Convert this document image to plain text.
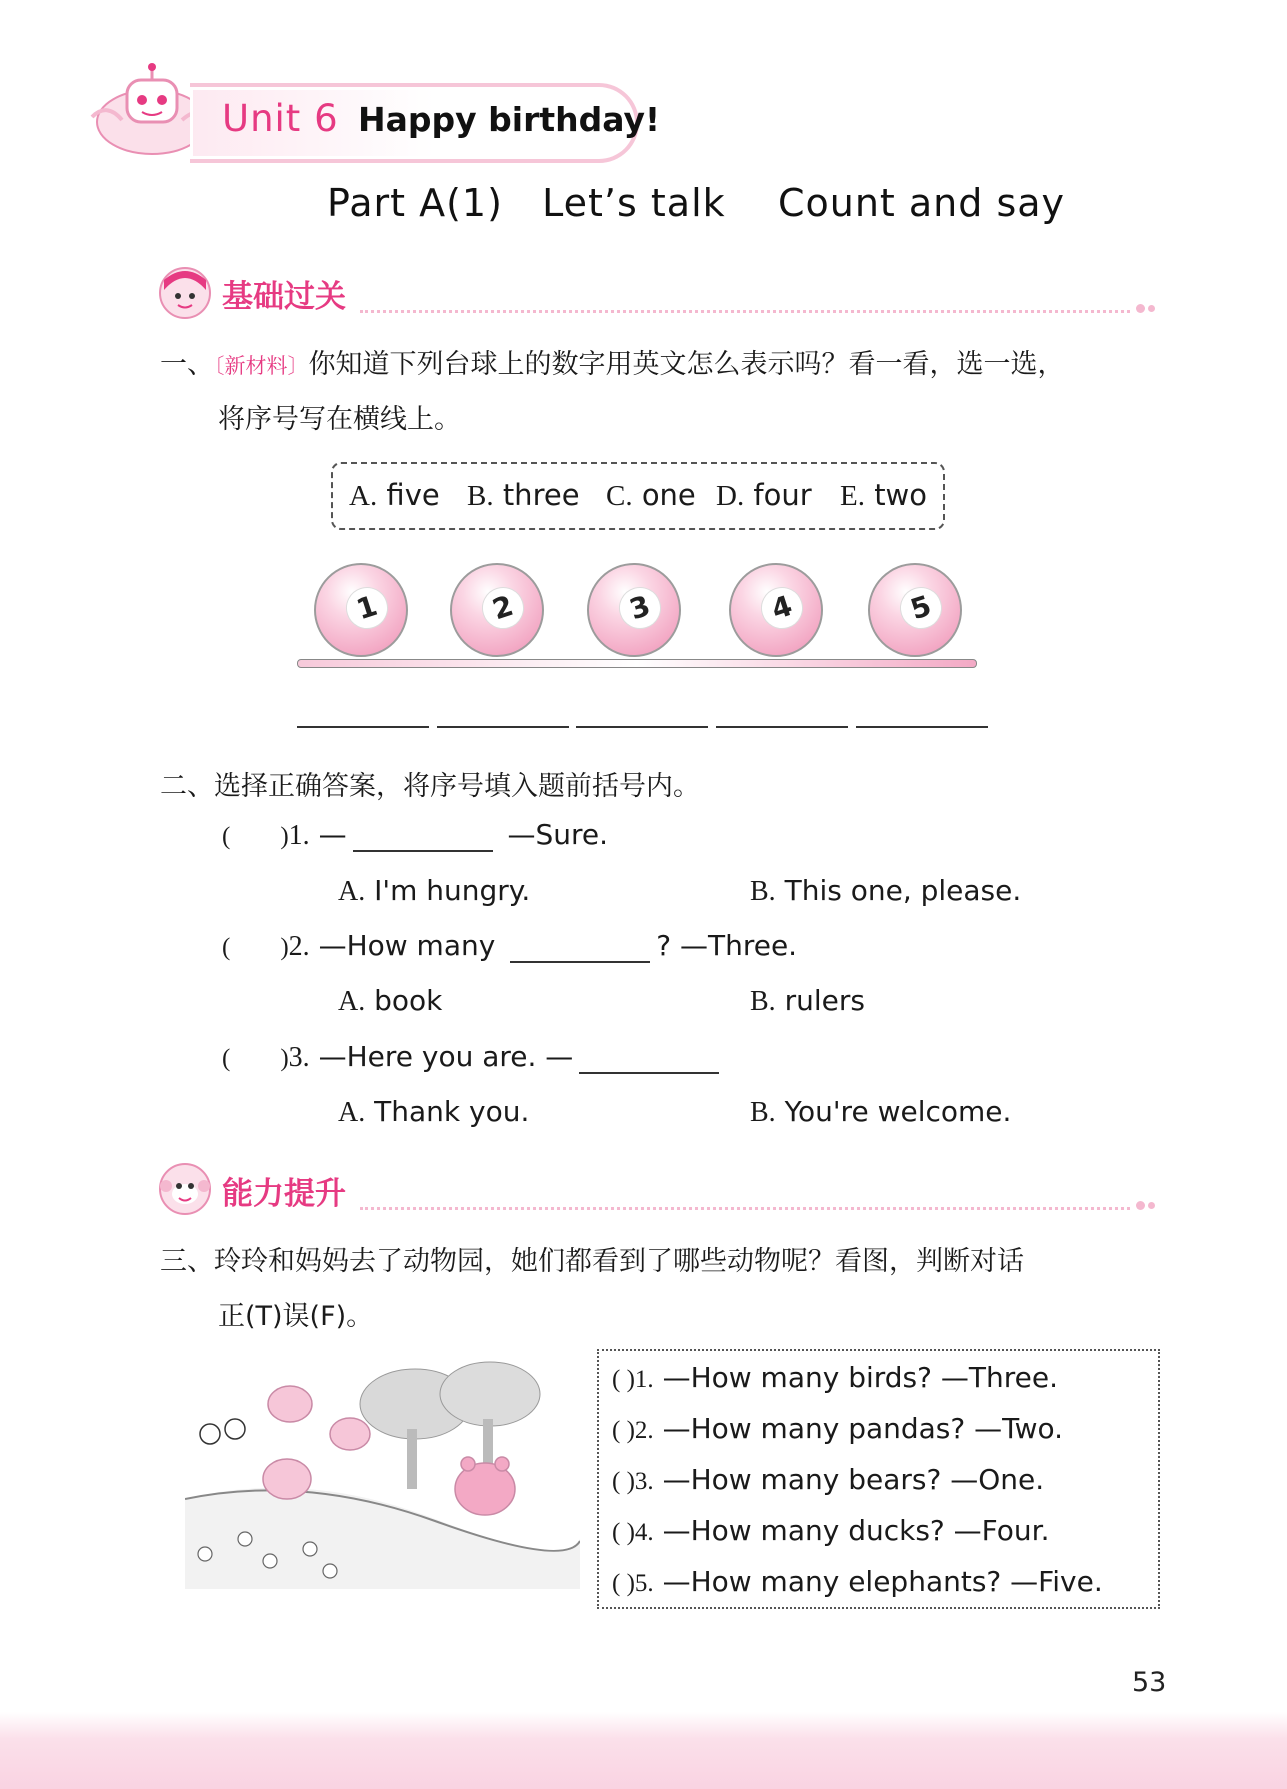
Unit 6 Happy birthday!
Part A(1)   Let’s talk    Count and say
基础过关
一、〔新材料〕你知道下列台球上的数字用英文怎么表示吗？看一看，选一选，
将序号写在横线上。
A. five B. three C. one D. four E. two
1	2	3	4	5
二、选择正确答案，将序号填入题前括号内。
(        )1. —	—Sure.
A. I'm hungry.	B. This one, please.
(        )2. —How many	? —Three.
A. book	B. rulers
(        )3. —Here you are. —
A. Thank you.	B. You're welcome.
能力提升
三、玲玲和妈妈去了动物园，她们都看到了哪些动物呢？看图，判断对话
正(T)误(F)。
( )1. —How many birds? —Three.
( )2. —How many pandas? —Two.
( )3. —How many bears? —One.
( )4. —How many ducks? —Four.
( )5. —How many elephants? —Five.
53
